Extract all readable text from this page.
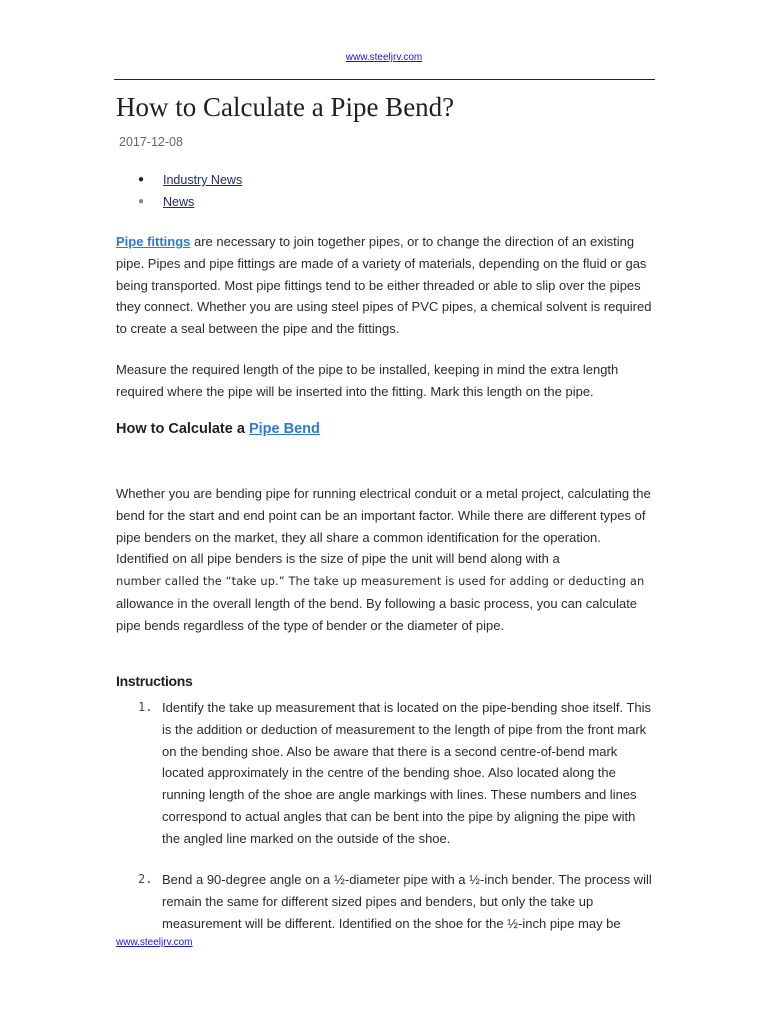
www.steeljrv.com
How to Calculate a Pipe Bend?
2017-12-08
● Industry News
● News

Pipe fittings are necessary to join together pipes, or to change the direction of an existing pipe. Pipes and pipe fittings are made of a variety of materials, depending on the fluid or gas being transported. Most pipe fittings tend to be either threaded or able to slip over the pipes they connect. Whether you are using steel pipes of PVC pipes, a chemical solvent is required to create a seal between the pipe and the fittings.

Measure the required length of the pipe to be installed, keeping in mind the extra length required where the pipe will be inserted into the fitting. Mark this length on the pipe.

How to Calculate a Pipe Bend

Whether you are bending pipe for running electrical conduit or a metal project, calculating the bend for the start and end point can be an important factor. While there are different types of pipe benders on the market, they all share a common identification for the operation. Identified on all pipe benders is the size of pipe the unit will bend along with a
number called the “take up.” The take up measurement is used for adding or deducting an
allowance in the overall length of the bend. By following a basic process, you can calculate pipe bends regardless of the type of bender or the diameter of pipe.

Instructions
1. Identify the take up measurement that is located on the pipe-bending shoe itself. This is the addition or deduction of measurement to the length of pipe from the front mark on the bending shoe. Also be aware that there is a second centre-of-bend mark located approximately in the centre of the bending shoe. Also located along the running length of the shoe are angle markings with lines. These numbers and lines correspond to actual angles that can be bent into the pipe by aligning the pipe with the angled line marked on the outside of the shoe.
2. Bend a 90-degree angle on a ½-diameter pipe with a ½-inch bender. The process will remain the same for different sized pipes and benders, but only the take up measurement will be different. Identified on the shoe for the ½-inch pipe may be
www.steeljrv.com
